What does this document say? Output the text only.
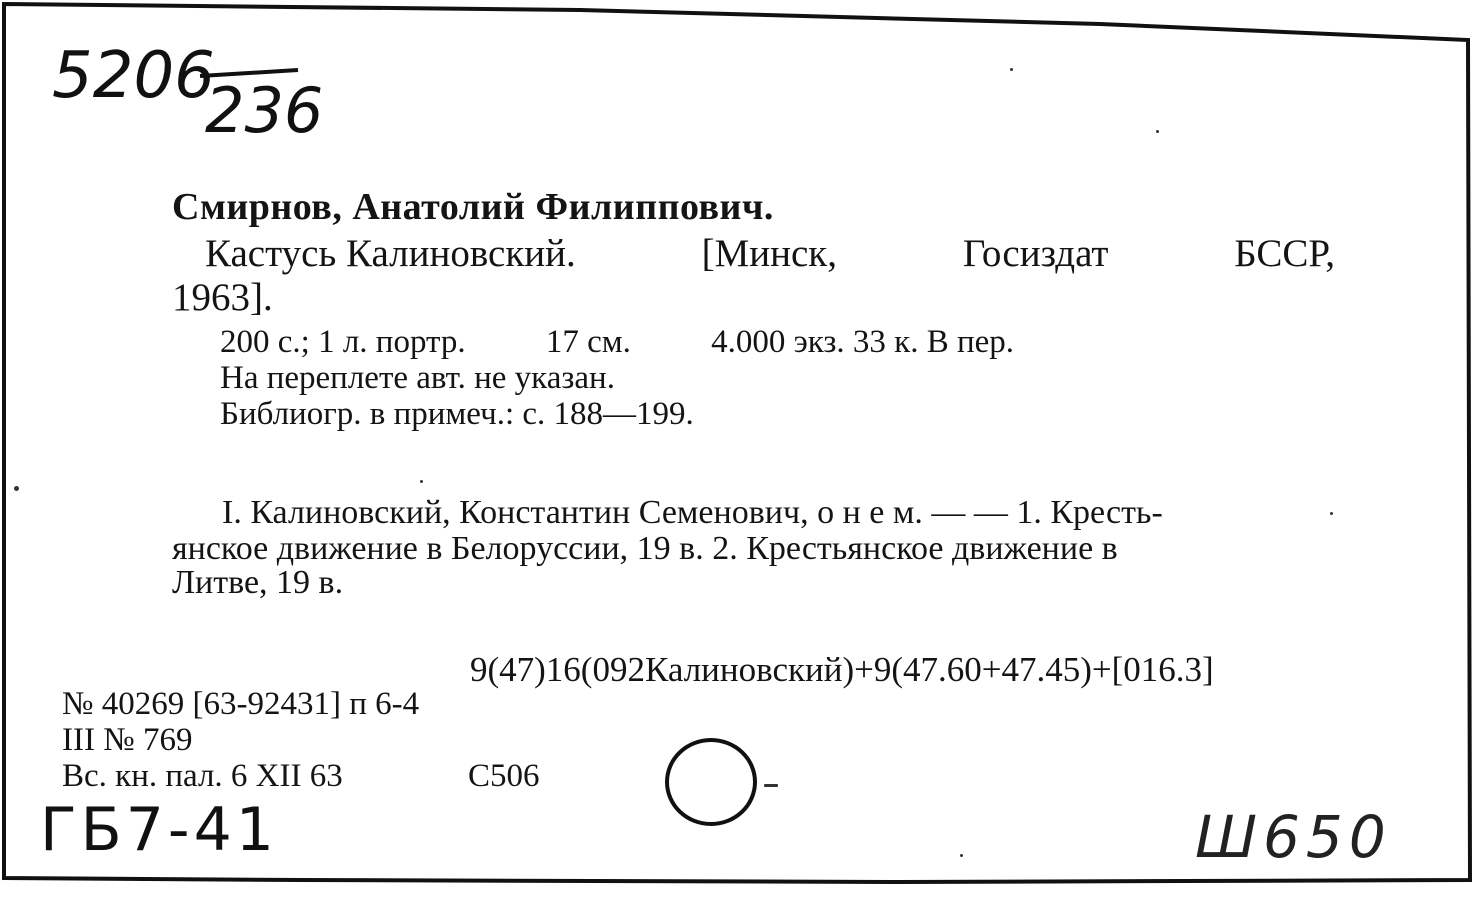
5206
236
Смирнов, Анатолий Филиппович.
Кастусь Калиновский.	[Минск,	Госиздат	БССР,
1963].
200 с.; 1 л. портр. 17 см. 4.000 экз. 33 к. В пер.
На переплете авт. не указан.
Библиогр. в примеч.: с. 188—199.
I. Калиновский, Константин Семенович, о н е м. — — 1. Кресть-
янское движение в Белоруссии, 19 в. 2. Крестьянское движение в
Литве, 19 в.
9(47)16(092Калиновский)+9(47.60+47.45)+[016.3]
№ 40269 [63-92431] п 6-4
III № 769
Вс. кн. пал. 6 XII 63	С506
ГБ7-41	Ш650
